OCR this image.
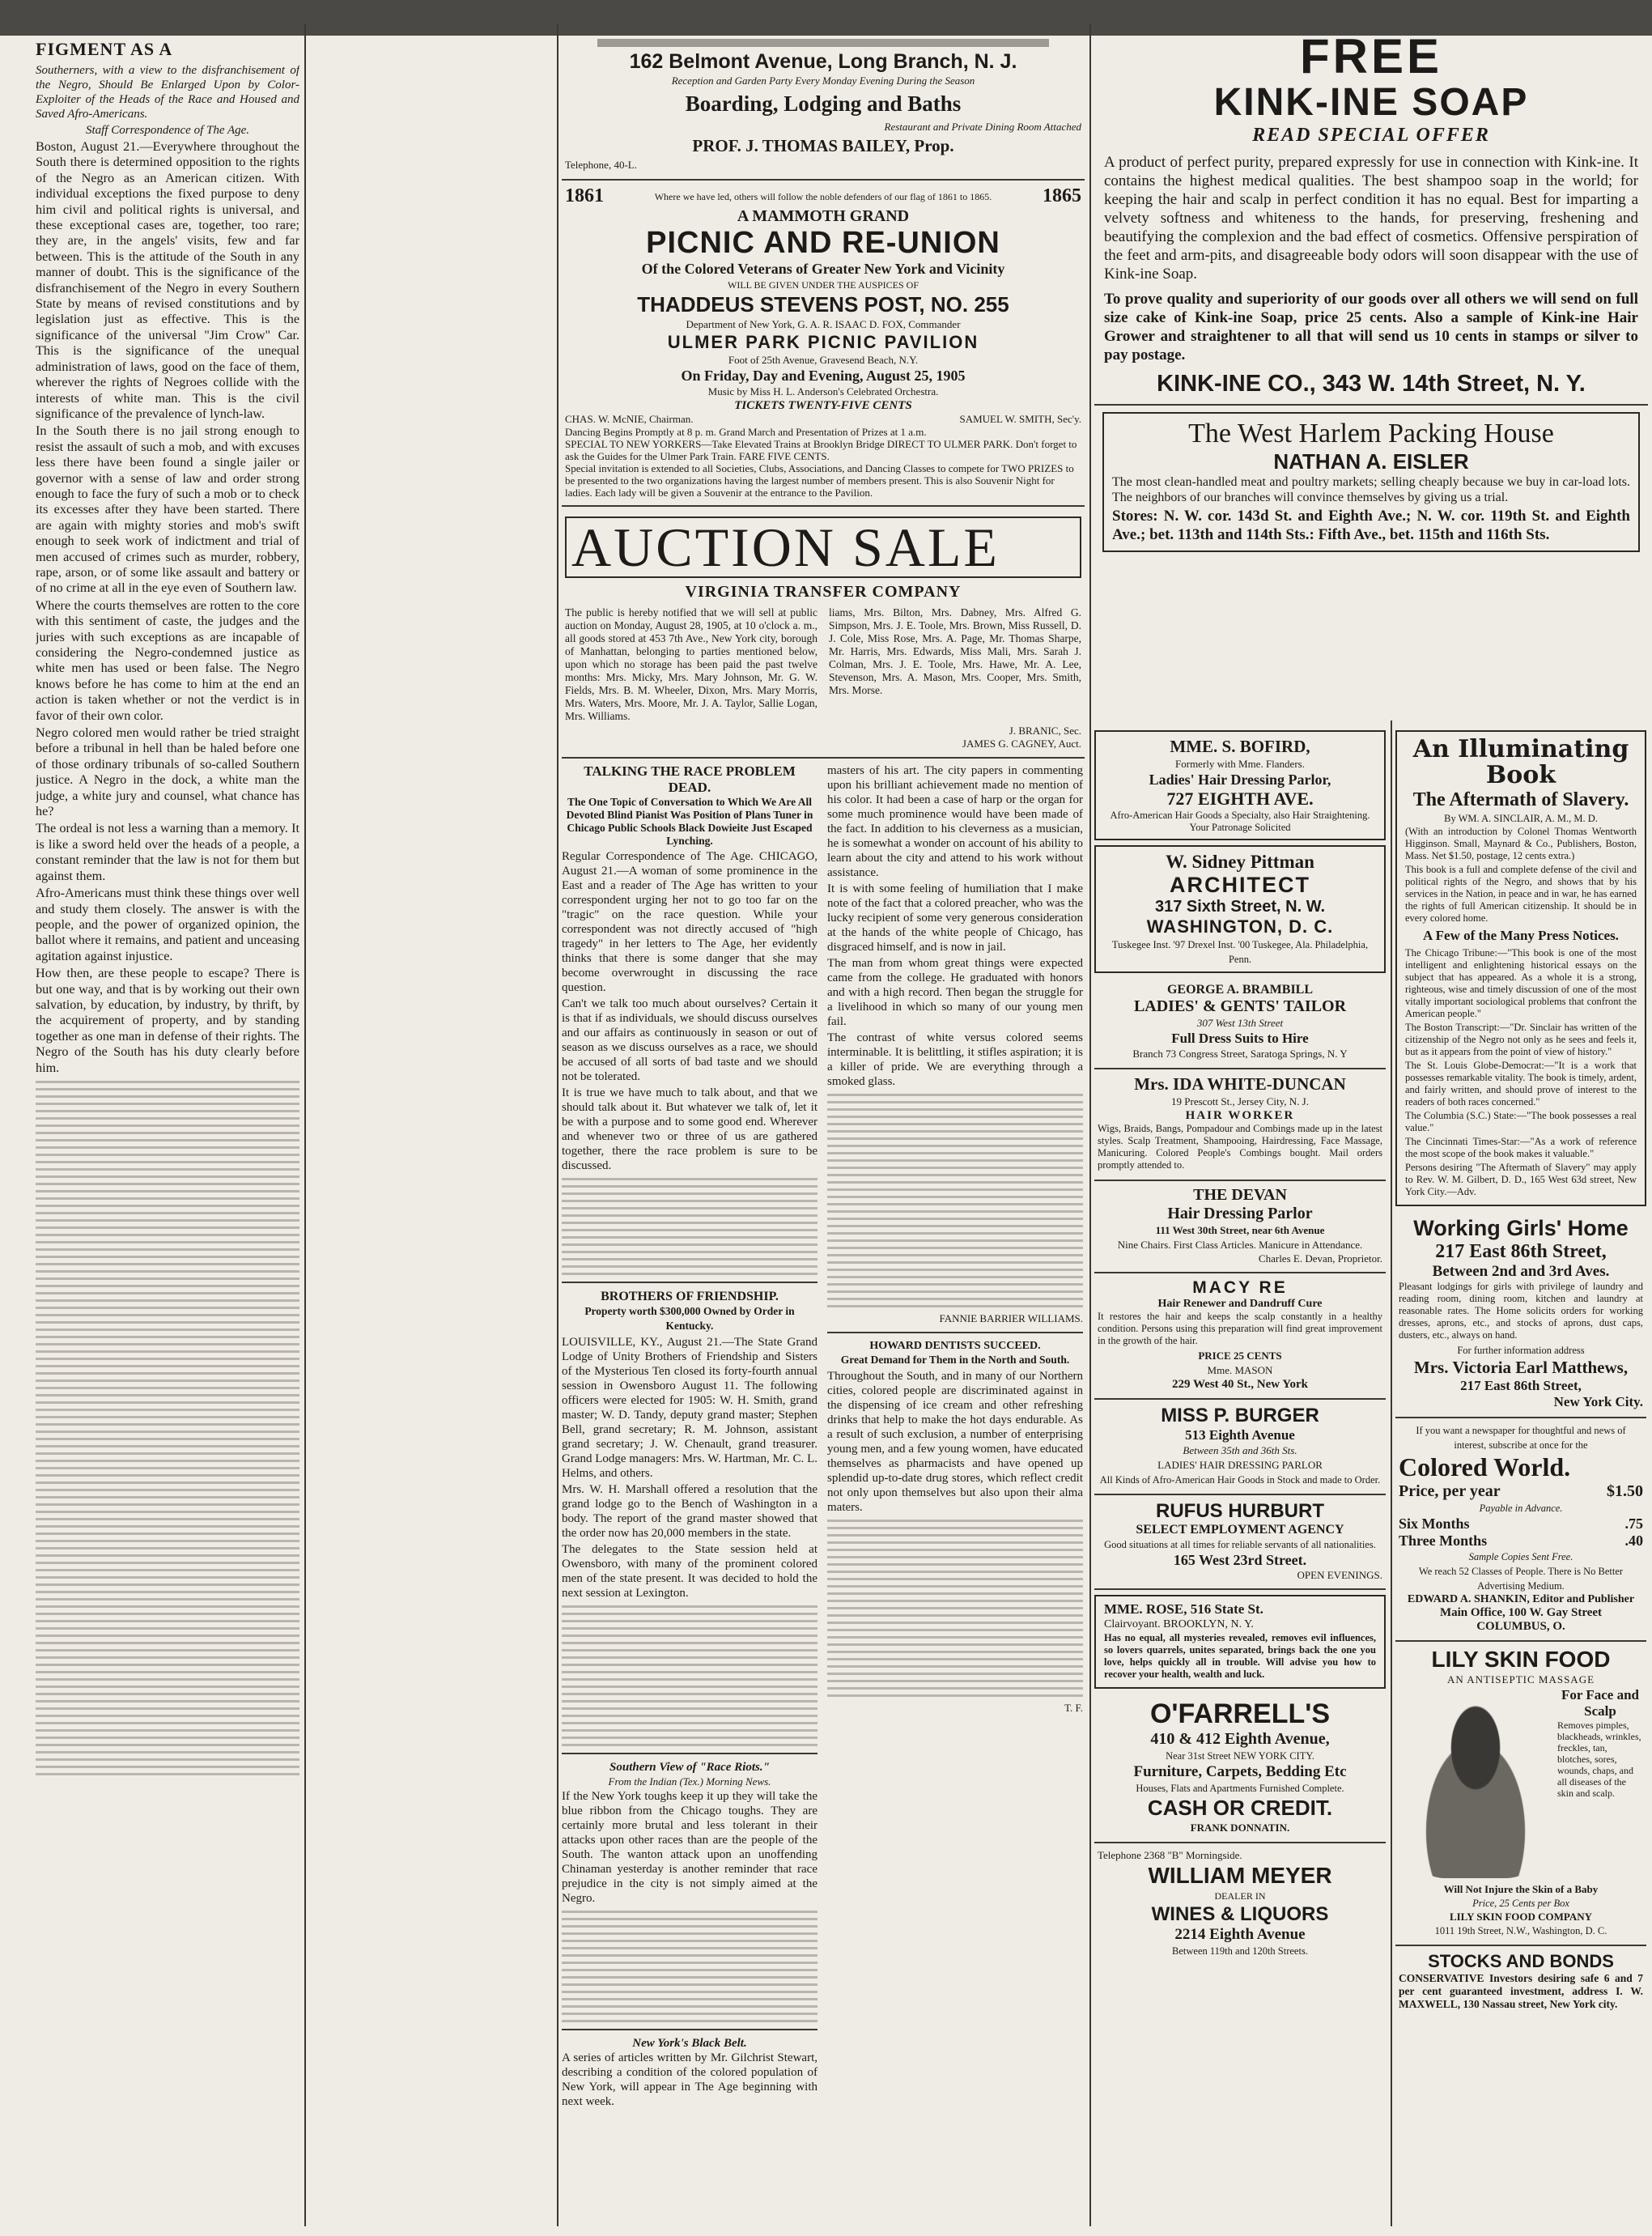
FIGMENT AS A

Southerners, with a view to the disfranchisement of the Negro, Should Be Enlarged Upon by Color-Exploiter of the Heads of the Race and Housed and Saved Afro-Americans.

Staff Correspondence of The Age.

Boston, August 21.—Everywhere throughout the South there is determined opposition to the rights of the Negro as an American citizen. With individual exceptions the fixed purpose to deny him civil and political rights is universal, and these exceptional cases are, together, too rare; they are, in the angels' visits, few and far between. This is the attitude of the South in any manner of doubt. This is the significance of the disfranchisement of the Negro in every Southern State by means of revised constitutions and by legislation just as effective. This is the significance of the universal "Jim Crow" Car. This is the significance of the unequal administration of laws, good on the face of them, wherever the rights of Negroes collide with the interests of white man. This is the civil significance of the prevalence of lynch-law.

In the South there is no jail strong enough to resist the assault of such a mob, and with excuses less there have been found a single jailer or governor with a sense of law and order strong enough to face the fury of such a mob or to check its excesses after they have been started. There are again with mighty stories and mob's swift enough to seek work of indictment and trial of men accused of crimes such as murder, robbery, rape, arson, or of some like assault and battery or of no crime at all in the eye even of Southern law.

Where the courts themselves are rotten to the core with this sentiment of caste, the judges and the juries with such exceptions as are incapable of considering the Negro-condemned justice as white men has used or been false. The Negro knows before he has come to him at the end an action is taken whether or not the verdict is in favor of their own color.

Negro colored men would rather be tried straight before a tribunal in hell than be haled before one of those ordinary tribunals of so-called Southern justice. A Negro in the dock, a white man the judge, a white jury and counsel, what chance has he?

The ordeal is not less a warning than a memory. It is like a sword held over the heads of a people, a constant reminder that the law is not for them but against them.

Afro-Americans must think these things over well and study them closely. The answer is with the people, and the power of organized opinion, the ballot where it remains, and patient and unceasing agitation against injustice.

How then, are these people to escape? There is but one way, and that is by working out their own salvation, by education, by industry, by thrift, by the acquirement of property, and by standing together as one man in defense of their rights. The Negro of the South has his duty clearly before him.

162 Belmont Avenue, Long Branch, N. J.
Reception and Garden Party Every Monday Evening During the Season
Boarding, Lodging and Baths
Restaurant and Private Dining Room Attached
PROF. J. THOMAS BAILEY, Prop.
Telephone, 40-L.
1861	Where we have led, others will follow the noble defenders of our flag of 1861 to 1865.	1865
A MAMMOTH GRAND
PICNIC AND RE-UNION
Of the Colored Veterans of Greater New York and Vicinity
WILL BE GIVEN UNDER THE AUSPICES OF
THADDEUS STEVENS POST, NO. 255
Department of New York, G. A. R. ISAAC D. FOX, Commander
ULMER PARK PICNIC PAVILION
Foot of 25th Avenue, Gravesend Beach, N.Y.
On Friday, Day and Evening, August 25, 1905
Music by Miss H. L. Anderson's Celebrated Orchestra.
TICKETS TWENTY-FIVE CENTS
CHAS. W. McNIE, Chairman.	SAMUEL W. SMITH, Sec'y.
Dancing Begins Promptly at 8 p. m. Grand March and Presentation of Prizes at 1 a.m.
SPECIAL TO NEW YORKERS—Take Elevated Trains at Brooklyn Bridge DIRECT TO ULMER PARK. Don't forget to ask the Guides for the Ulmer Park Train. FARE FIVE CENTS.
Special invitation is extended to all Societies, Clubs, Associations, and Dancing Classes to compete for TWO PRIZES to be presented to the two organizations having the largest number of members present. This is also Souvenir Night for ladies. Each lady will be given a Souvenir at the entrance to the Pavilion.
AUCTION SALE
VIRGINIA TRANSFER COMPANY

The public is hereby notified that we will sell at public auction on Monday, August 28, 1905, at 10 o'clock a. m., all goods stored at 453 7th Ave., New York city, borough of Manhattan, belonging to parties mentioned below, upon which no storage has been paid the past twelve months: Mrs. Micky, Mrs. Mary Johnson, Mr. G. W. Fields, Mrs. B. M. Wheeler, Dixon, Mrs. Mary Morris, Mrs. Waters, Mrs. Moore, Mr. J. A. Taylor, Sallie Logan, Mrs. Williams.

liams, Mrs. Bilton, Mrs. Dabney, Mrs. Alfred G. Simpson, Mrs. J. E. Toole, Mrs. Brown, Miss Russell, D. J. Cole, Miss Rose, Mrs. A. Page, Mr. Thomas Sharpe, Mr. Harris, Mrs. Edwards, Miss Mali, Mrs. Sarah J. Colman, Mrs. J. E. Toole, Mrs. Hawe, Mr. A. Lee, Stevenson, Mrs. A. Mason, Mrs. Cooper, Mrs. Smith, Mrs. Morse.

J. BRANIC, Sec.
JAMES G. CAGNEY, Auct.
TALKING THE RACE PROBLEM DEAD.

The One Topic of Conversation to Which We Are All Devoted Blind Pianist Was Position of Plans Tuner in Chicago Public Schools Black Dowieite Just Escaped Lynching.

Regular Correspondence of The Age. CHICAGO, August 21.—A woman of some prominence in the East and a reader of The Age has written to your correspondent urging her not to go too far on the "tragic" on the race question. While your correspondent was not directly accused of "high tragedy" in her letters to The Age, her evidently thinks that there is some danger that she may become overwrought in discussing the race question.

Can't we talk too much about ourselves? Certain it is that if as individuals, we should discuss ourselves and our affairs as continuously in season or out of season as we discuss ourselves as a race, we should be accused of all sorts of bad taste and we should not be tolerated.

It is true we have much to talk about, and that we should talk about it. But whatever we talk of, let it be with a purpose and to some good end. Wherever and whenever two or three of us are gathered together, there the race problem is sure to be discussed.

BROTHERS OF FRIENDSHIP.

Property worth $300,000 Owned by Order in Kentucky.

LOUISVILLE, KY., August 21.—The State Grand Lodge of Unity Brothers of Friendship and Sisters of the Mysterious Ten closed its forty-fourth annual session in Owensboro August 11. The following officers were elected for 1905: W. H. Smith, grand master; W. D. Tandy, deputy grand master; Stephen Bell, grand secretary; R. M. Johnson, assistant grand secretary; J. W. Chenault, grand treasurer. Grand Lodge managers: Mrs. W. Hartman, Mr. C. L. Helms, and others.

Mrs. W. H. Marshall offered a resolution that the grand lodge go to the Bench of Washington in a body. The report of the grand master showed that the order now has 20,000 members in the state.

The delegates to the State session held at Owensboro, with many of the prominent colored men of the state present. It was decided to hold the next session at Lexington.

Southern View of "Race Riots."
From the Indian (Tex.) Morning News.

If the New York toughs keep it up they will take the blue ribbon from the Chicago toughs. They are certainly more brutal and less tolerant in their attacks upon other races than are the people of the South. The wanton attack upon an unoffending Chinaman yesterday is another reminder that race prejudice in the city is not simply aimed at the Negro.

New York's Black Belt.

A series of articles written by Mr. Gilchrist Stewart, describing a condition of the colored population of New York, will appear in The Age beginning with next week.

masters of his art. The city papers in commenting upon his brilliant achievement made no mention of his color. It had been a case of harp or the organ for some much prominence would have been made of the fact. In addition to his cleverness as a musician, he is somewhat a wonder on account of his ability to learn about the city and attend to his work without assistance.

It is with some feeling of humiliation that I make note of the fact that a colored preacher, who was the lucky recipient of some very generous consideration at the hands of the white people of Chicago, has disgraced himself, and is now in jail.

The man from whom great things were expected came from the college. He graduated with honors and with a high record. Then began the struggle for a livelihood in which so many of our young men fail.

The contrast of white versus colored seems interminable. It is belittling, it stifles aspiration; it is a killer of pride. We are everything through a smoked glass.

FANNIE BARRIER WILLIAMS.
HOWARD DENTISTS SUCCEED.

Great Demand for Them in the North and South.

Throughout the South, and in many of our Northern cities, colored people are discriminated against in the dispensing of ice cream and other refreshing drinks that help to make the hot days endurable. As a result of such exclusion, a number of enterprising young men, and a few young women, have educated themselves as pharmacists and have opened up splendid up-to-date drug stores, which reflect credit not only upon themselves but also upon their alma maters.

T. F.
FREE
KINK-INE SOAP
READ SPECIAL OFFER

A product of perfect purity, prepared expressly for use in connection with Kink-ine. It contains the highest medical qualities. The best shampoo soap in the world; for keeping the hair and scalp in perfect condition it has no equal. Best for imparting a velvety softness and whiteness to the hands, for preserving, freshening and beautifying the complexion and the bad effect of cosmetics. Offensive perspiration of the feet and arm-pits, and disagreeable body odors will soon disappear with the use of Kink-ine Soap.

To prove quality and superiority of our goods over all others we will send on full size cake of Kink-ine Soap, price 25 cents. Also a sample of Kink-ine Hair Grower and straightener to all that will send us 10 cents in stamps or silver to pay postage.

KINK-INE CO., 343 W. 14th Street, N. Y.
The West Harlem Packing House
NATHAN A. EISLER

The most clean-handled meat and poultry markets; selling cheaply because we buy in car-load lots. The neighbors of our branches will convince themselves by giving us a trial.

Stores: N. W. cor. 143d St. and Eighth Ave.; N. W. cor. 119th St. and Eighth Ave.; bet. 113th and 114th Sts.: Fifth Ave., bet. 115th and 116th Sts.

MME. S. BOFIRD,
Formerly with Mme. Flanders.
Ladies' Hair Dressing Parlor,
727 EIGHTH AVE.
Afro-American Hair Goods a Specialty, also Hair Straightening. Your Patronage Solicited
W. Sidney Pittman
ARCHITECT
317 Sixth Street, N. W.
WASHINGTON, D. C.
Tuskegee Inst. '97 Drexel Inst. '00 Tuskegee, Ala. Philadelphia, Penn.
GEORGE A. BRAMBILL
LADIES' & GENTS' TAILOR
307 West 13th Street
Full Dress Suits to Hire
Branch 73 Congress Street, Saratoga Springs, N. Y
Mrs. IDA WHITE-DUNCAN
19 Prescott St., Jersey City, N. J.
HAIR WORKER

Wigs, Braids, Bangs, Pompadour and Combings made up in the latest styles. Scalp Treatment, Shampooing, Hairdressing, Face Massage, Manicuring. Colored People's Combings bought. Mail orders promptly attended to.

THE DEVAN
Hair Dressing Parlor
111 West 30th Street, near 6th Avenue
Nine Chairs. First Class Articles. Manicure in Attendance.
Charles E. Devan, Proprietor.
MACY RE
Hair Renewer and Dandruff Cure

It restores the hair and keeps the scalp constantly in a healthy condition. Persons using this preparation will find great improvement in the growth of the hair.

PRICE 25 CENTS
Mme. MASON
229 West 40 St., New York
MISS P. BURGER
513 Eighth Avenue
Between 35th and 36th Sts.
LADIES' HAIR DRESSING PARLOR
All Kinds of Afro-American Hair Goods in Stock and made to Order.
RUFUS HURBURT
SELECT EMPLOYMENT AGENCY
Good situations at all times for reliable servants of all nationalities.
165 West 23rd Street.
OPEN EVENINGS.
MME. ROSE, 516 State St.
Clairvoyant. BROOKLYN, N. Y.

Has no equal, all mysteries revealed, removes evil influences, so lovers quarrels, unites separated, brings back the one you love, helps quickly all in trouble. Will advise you how to recover your health, wealth and luck.

O'FARRELL'S
410 & 412 Eighth Avenue,
Near 31st Street NEW YORK CITY.
Furniture, Carpets, Bedding Etc
Houses, Flats and Apartments Furnished Complete.
CASH OR CREDIT.
FRANK DONNATIN.
Telephone 2368 "B" Morningside.
WILLIAM MEYER
DEALER IN
WINES & LIQUORS
2214 Eighth Avenue
Between 119th and 120th Streets.
An Illuminating Book
The Aftermath of Slavery.
By WM. A. SINCLAIR, A. M., M. D.

(With an introduction by Colonel Thomas Wentworth Higginson. Small, Maynard & Co., Publishers, Boston, Mass. Net $1.50, postage, 12 cents extra.)

This book is a full and complete defense of the civil and political rights of the Negro, and shows that by his services in the Nation, in peace and in war, he has earned the rights of full American citizenship. It should be in every colored home.

A Few of the Many Press Notices.

The Chicago Tribune:—"This book is one of the most intelligent and enlightening historical essays on the subject that has appeared. As a whole it is a strong, righteous, wise and timely discussion of one of the most vitally important sociological problems that confront the American people."

The Boston Transcript:—"Dr. Sinclair has written of the citizenship of the Negro not only as he sees and feels it, but as it appears from the point of view of history."

The St. Louis Globe-Democrat:—"It is a work that possesses remarkable vitality. The book is timely, ardent, and fairly written, and should prove of interest to the readers of both races concerned."

The Columbia (S.C.) State:—"The book possesses a real value."

The Cincinnati Times-Star:—"As a work of reference the most scope of the book makes it valuable."

Persons desiring "The Aftermath of Slavery" may apply to Rev. W. M. Gilbert, D. D., 165 West 63d street, New York City.—Adv.

Working Girls' Home
217 East 86th Street,
Between 2nd and 3rd Aves.

Pleasant lodgings for girls with privilege of laundry and reading room, dining room, kitchen and laundry at reasonable rates. The Home solicits orders for working dresses, aprons, etc., and stocks of aprons, dust caps, dusters, etc., always on hand.

For further information address
Mrs. Victoria Earl Matthews,
217 East 86th Street,
New York City.
If you want a newspaper for thoughtful and news of interest, subscribe at once for the
Colored World.
Price, per year	$1.50
Payable in Advance.
Six Months	.75
Three Months	.40
Sample Copies Sent Free.
We reach 52 Classes of People. There is No Better Advertising Medium.
EDWARD A. SHANKIN, Editor and Publisher
Main Office, 100 W. Gay Street
COLUMBUS, O.
LILY SKIN FOOD
AN ANTISEPTIC MASSAGE
For Face and Scalp

Removes pimples, blackheads, wrinkles, freckles, tan, blotches, sores, wounds, chaps, and all diseases of the skin and scalp.

Will Not Injure the Skin of a Baby
Price, 25 Cents per Box
LILY SKIN FOOD COMPANY
1011 19th Street, N.W., Washington, D. C.
STOCKS AND BONDS

CONSERVATIVE Investors desiring safe 6 and 7 per cent guaranteed investment, address I. W. MAXWELL, 130 Nassau street, New York city.
